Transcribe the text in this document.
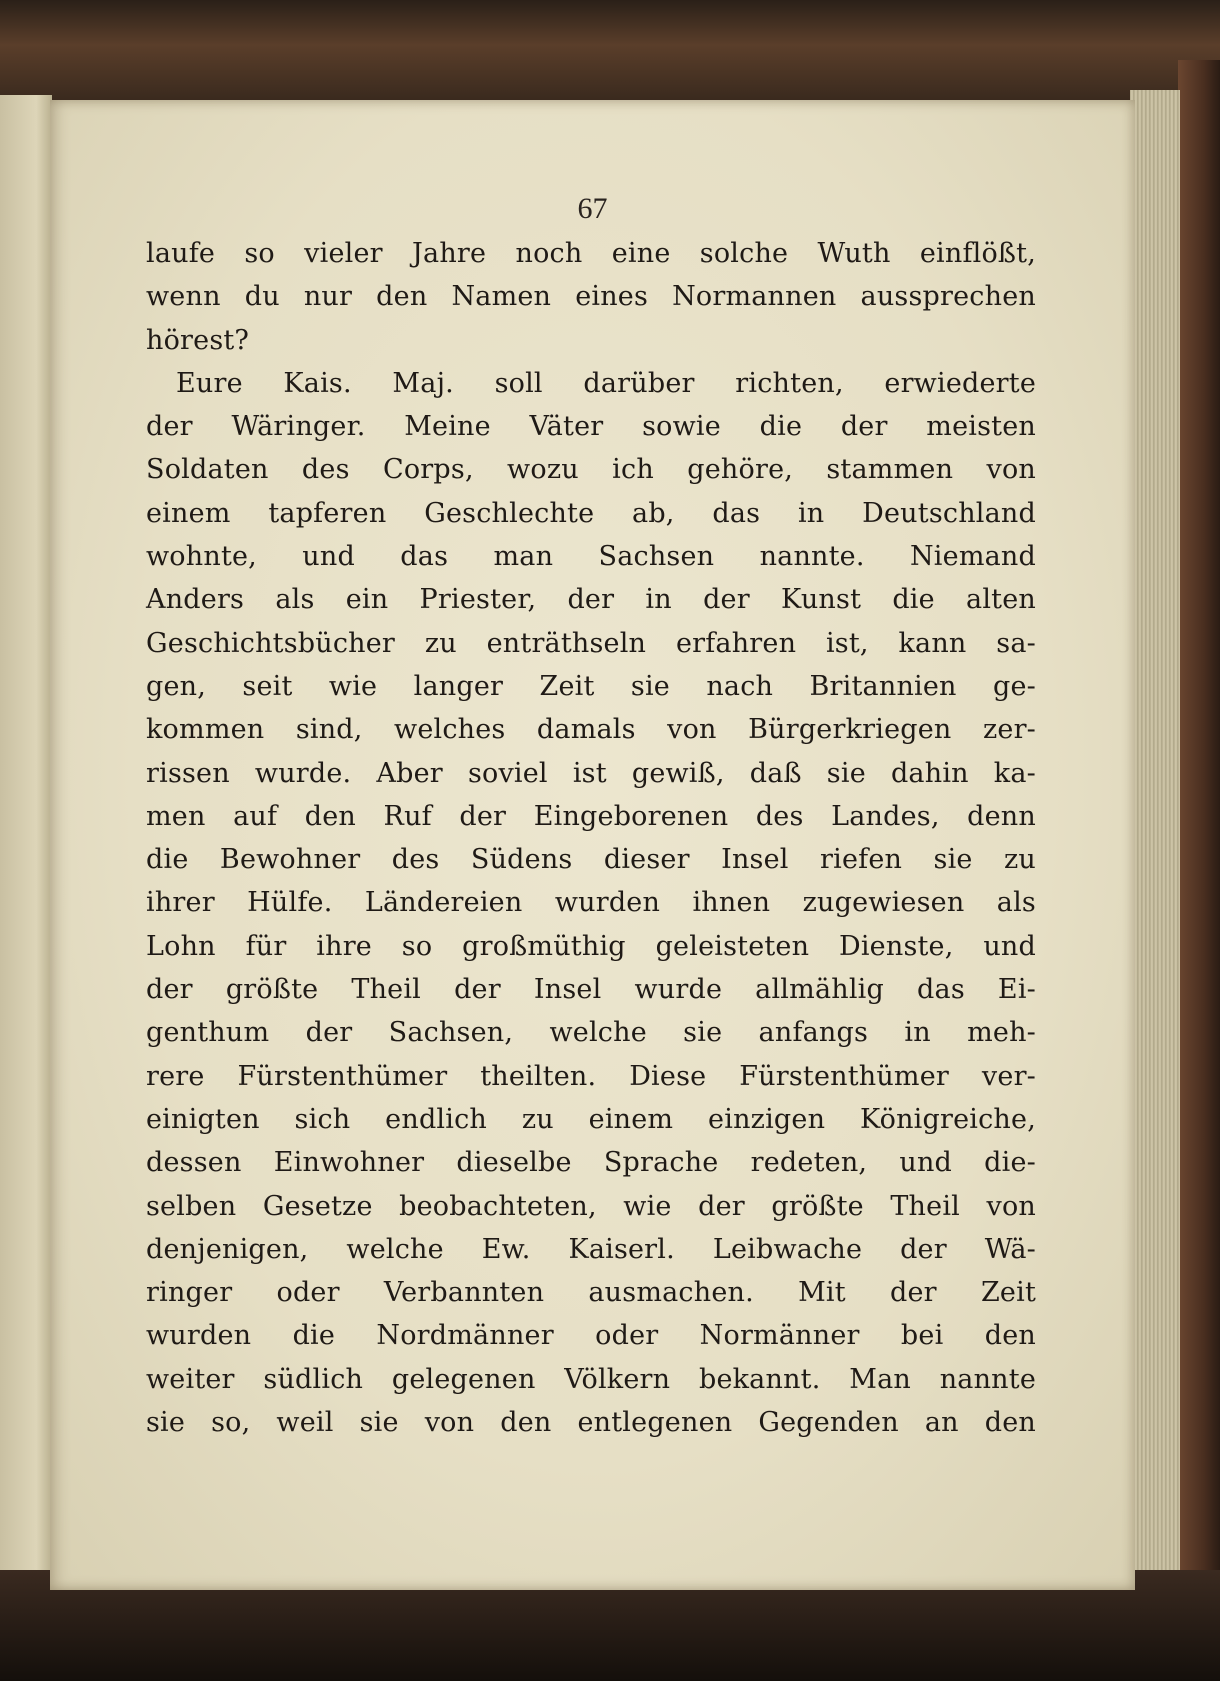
67
laufe so vieler Jahre noch eine solche Wuth einflößt,
wenn du nur den Namen eines Normannen aussprechen
hörest?
Eure Kais. Maj. soll darüber richten, erwiederte
der Wäringer. Meine Väter sowie die der meisten
Soldaten des Corps, wozu ich gehöre, stammen von
einem tapferen Geschlechte ab, das in Deutschland
wohnte, und das man Sachsen nannte. Niemand
Anders als ein Priester, der in der Kunst die alten
Geschichtsbücher zu enträthseln erfahren ist, kann sa-
gen, seit wie langer Zeit sie nach Britannien ge-
kommen sind, welches damals von Bürgerkriegen zer-
rissen wurde. Aber soviel ist gewiß, daß sie dahin ka-
men auf den Ruf der Eingeborenen des Landes, denn
die Bewohner des Südens dieser Insel riefen sie zu
ihrer Hülfe. Ländereien wurden ihnen zugewiesen als
Lohn für ihre so großmüthig geleisteten Dienste, und
der größte Theil der Insel wurde allmählig das Ei-
genthum der Sachsen, welche sie anfangs in meh-
rere Fürstenthümer theilten. Diese Fürstenthümer ver-
einigten sich endlich zu einem einzigen Königreiche,
dessen Einwohner dieselbe Sprache redeten, und die-
selben Gesetze beobachteten, wie der größte Theil von
denjenigen, welche Ew. Kaiserl. Leibwache der Wä-
ringer oder Verbannten ausmachen. Mit der Zeit
wurden die Nordmänner oder Normänner bei den
weiter südlich gelegenen Völkern bekannt. Man nannte
sie so, weil sie von den entlegenen Gegenden an den
